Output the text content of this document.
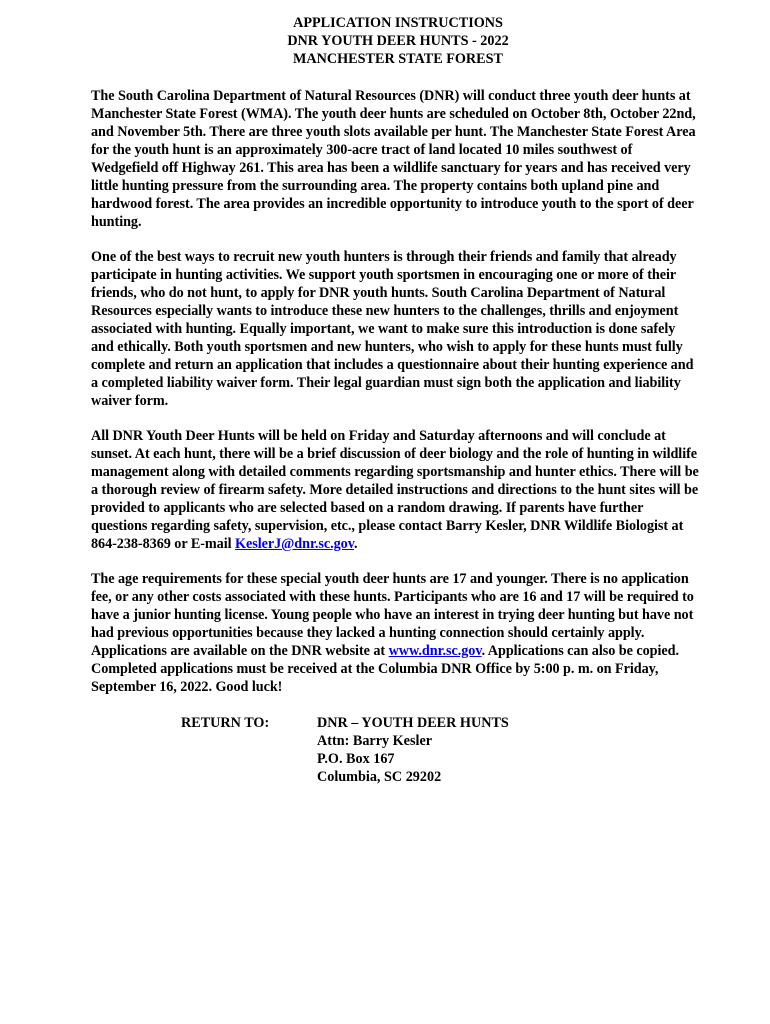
APPLICATION INSTRUCTIONS
DNR YOUTH DEER HUNTS - 2022
MANCHESTER STATE FOREST

The South Carolina Department of Natural Resources (DNR) will conduct three youth deer hunts at Manchester State Forest (WMA). The youth deer hunts are scheduled on October 8th, October 22nd, and November 5th. There are three youth slots available per hunt. The Manchester State Forest Area for the youth hunt is an approximately 300-acre tract of land located 10 miles southwest of Wedgefield off Highway 261. This area has been a wildlife sanctuary for years and has received very little hunting pressure from the surrounding area. The property contains both upland pine and hardwood forest. The area provides an incredible opportunity to introduce youth to the sport of deer hunting.

One of the best ways to recruit new youth hunters is through their friends and family that already participate in hunting activities. We support youth sportsmen in encouraging one or more of their friends, who do not hunt, to apply for DNR youth hunts. South Carolina Department of Natural Resources especially wants to introduce these new hunters to the challenges, thrills and enjoyment associated with hunting. Equally important, we want to make sure this introduction is done safely and ethically. Both youth sportsmen and new hunters, who wish to apply for these hunts must fully complete and return an application that includes a questionnaire about their hunting experience and a completed liability waiver form. Their legal guardian must sign both the application and liability waiver form.

All DNR Youth Deer Hunts will be held on Friday and Saturday afternoons and will conclude at sunset. At each hunt, there will be a brief discussion of deer biology and the role of hunting in wildlife management along with detailed comments regarding sportsmanship and hunter ethics. There will be a thorough review of firearm safety. More detailed instructions and directions to the hunt sites will be provided to applicants who are selected based on a random drawing. If parents have further questions regarding safety, supervision, etc., please contact Barry Kesler, DNR Wildlife Biologist at 864-238-8369 or E-mail KeslerJ@dnr.sc.gov.

The age requirements for these special youth deer hunts are 17 and younger. There is no application fee, or any other costs associated with these hunts. Participants who are 16 and 17 will be required to have a junior hunting license. Young people who have an interest in trying deer hunting but have not had previous opportunities because they lacked a hunting connection should certainly apply. Applications are available on the DNR website at www.dnr.sc.gov. Applications can also be copied. Completed applications must be received at the Columbia DNR Office by 5:00 p. m. on Friday, September 16, 2022. Good luck!

RETURN TO:	DNR – YOUTH DEER HUNTS
Attn: Barry Kesler
P.O. Box 167
Columbia, SC 29202
